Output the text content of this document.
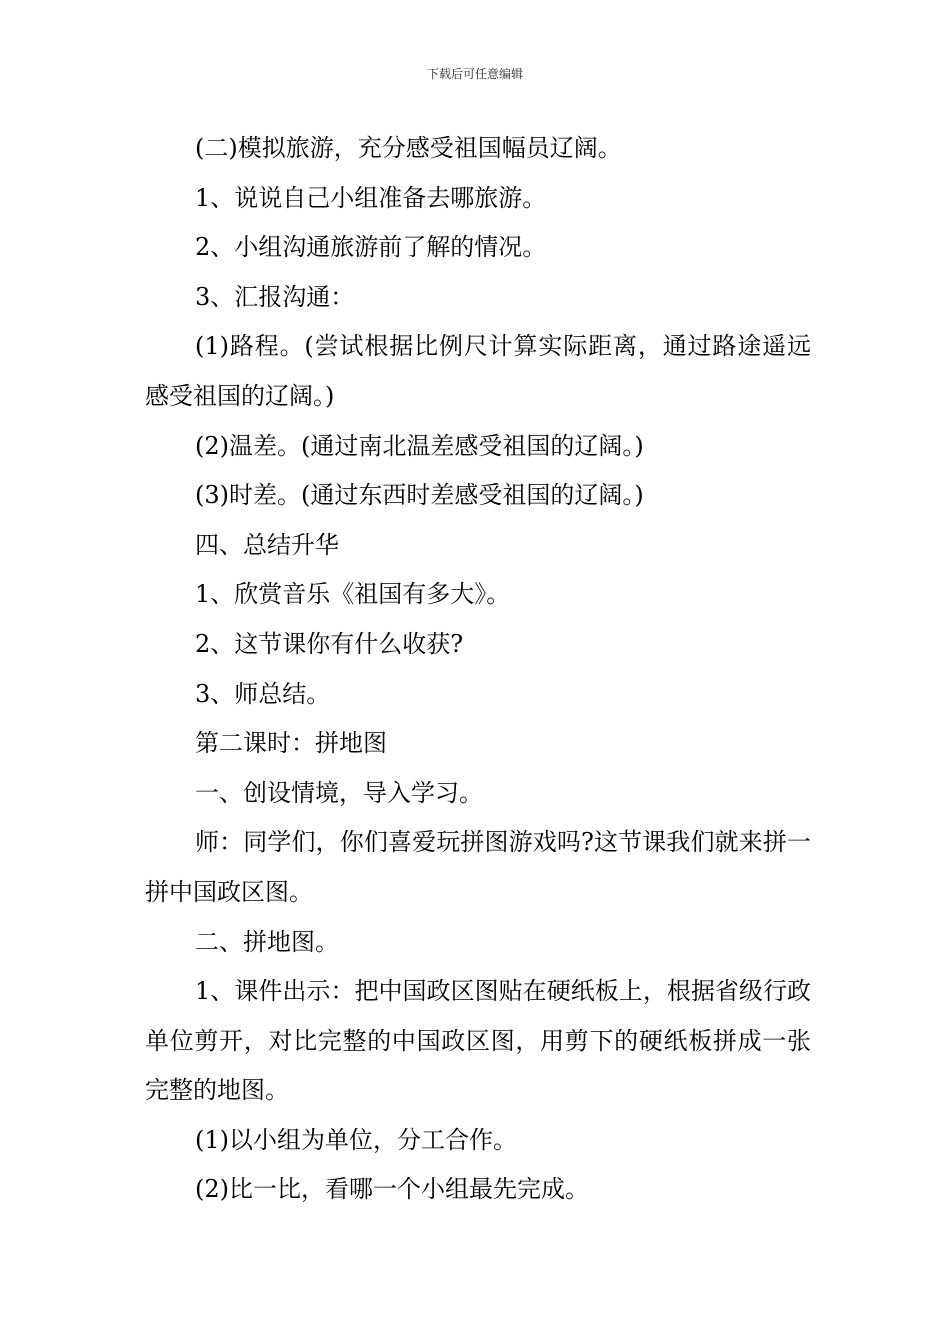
下载后可任意编辑

(二)模拟旅游，充分感受祖国幅员辽阔。

1、说说自己小组准备去哪旅游。

2、小组沟通旅游前了解的情况。

3、汇报沟通：

(1)路程。(尝试根据比例尺计算实际距离，通过路途遥远感受祖国的辽阔。)

(2)温差。(通过南北温差感受祖国的辽阔。)

(3)时差。(通过东西时差感受祖国的辽阔。)

四、总结升华

1、欣赏音乐《祖国有多大》。

2、这节课你有什么收获?

3、师总结。

第二课时：拼地图

一、创设情境，导入学习。

师：同学们，你们喜爱玩拼图游戏吗?这节课我们就来拼一拼中国政区图。

二、拼地图。

1、课件出示：把中国政区图贴在硬纸板上，根据省级行政单位剪开，对比完整的中国政区图，用剪下的硬纸板拼成一张完整的地图。

(1)以小组为单位，分工合作。

(2)比一比，看哪一个小组最先完成。
